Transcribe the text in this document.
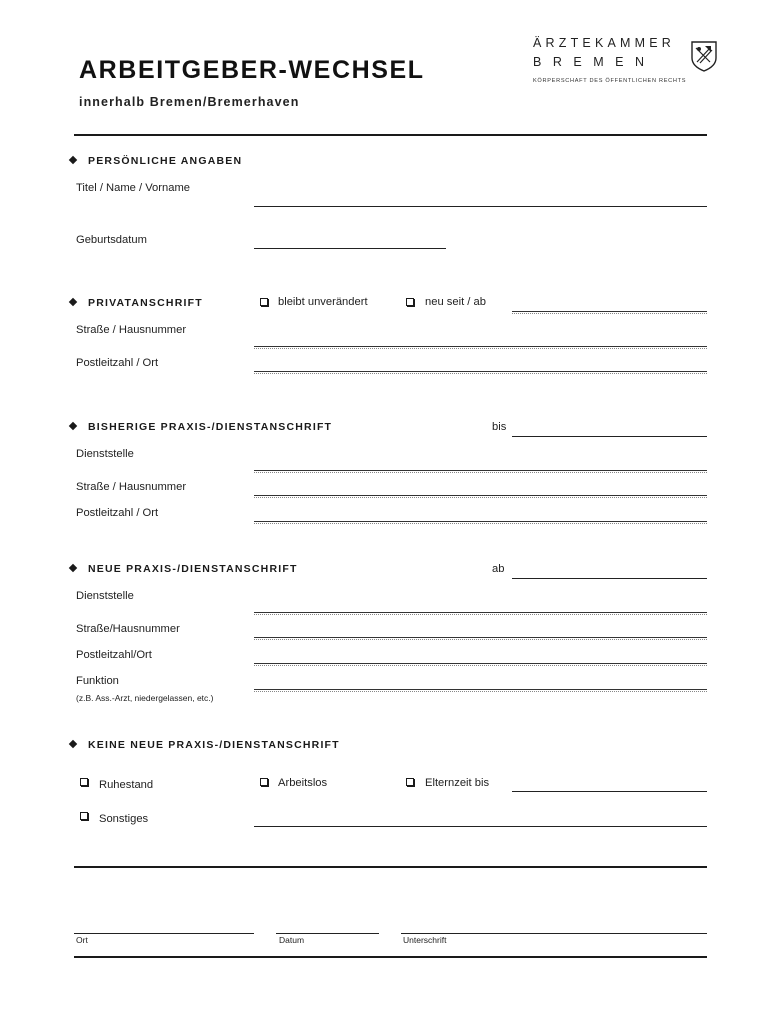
ARBEITGEBER-WECHSEL
innerhalb Bremen/Bremerhaven
ÄRZTEKAMMER
BREMEN
KÖRPERSCHAFT DES ÖFFENTLICHEN RECHTS
PERSÖNLICHE ANGABEN
Titel / Name / Vorname
Geburtsdatum
PRIVATANSCHRIFT	bleibt unverändert	neu seit / ab
Straße / Hausnummer
Postleitzahl / Ort
BISHERIGE PRAXIS-/DIENSTANSCHRIFT	bis
Dienststelle
Straße / Hausnummer
Postleitzahl / Ort
NEUE PRAXIS-/DIENSTANSCHRIFT	ab
Dienststelle
Straße/Hausnummer
Postleitzahl/Ort
Funktion
(z.B. Ass.-Arzt, niedergelassen, etc.)
KEINE NEUE PRAXIS-/DIENSTANSCHRIFT
Ruhestand	Arbeitslos	Elternzeit bis
Sonstiges
Ort	Datum	Unterschrift
